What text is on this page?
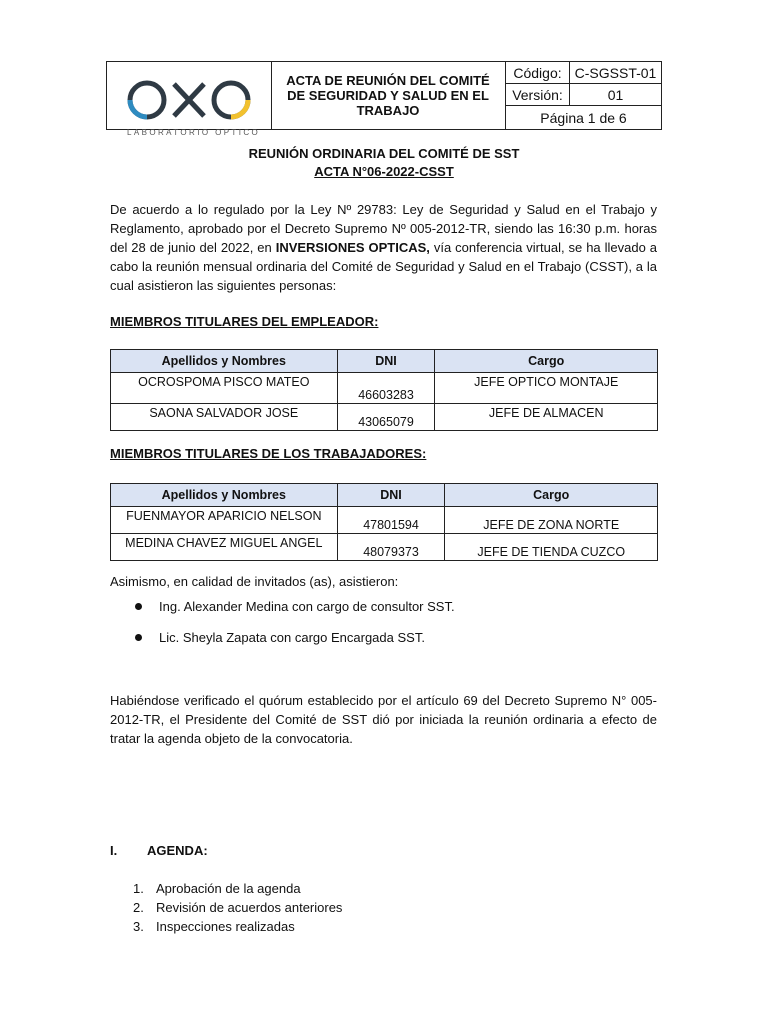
LABORATORIO OPTICO
ACTA DE REUNIÓN DEL COMITÉ DE SEGURIDAD Y SALUD EN EL TRABAJO
Código: C-SGSST-01
Versión:	01
Página 1 de 6
REUNIÓN ORDINARIA DEL COMITÉ DE SST
ACTA N°06-2022-CSST
De acuerdo a lo regulado por la Ley Nº 29783: Ley de Seguridad y Salud en el Trabajo y Reglamento, aprobado por el Decreto Supremo Nº 005-2012-TR, siendo las 16:30 p.m. horas del 28 de junio del 2022, en INVERSIONES OPTICAS, vía conferencia virtual, se ha llevado a cabo la reunión mensual ordinaria del Comité de Seguridad y Salud en el Trabajo (CSST), a la cual asistieron las siguientes personas:
MIEMBROS TITULARES DEL EMPLEADOR:
Apellidos y Nombres	DNI	Cargo
OCROSPOMA PISCO MATEO	46603283	JEFE OPTICO MONTAJE
SAONA SALVADOR JOSE	43065079	JEFE DE ALMACEN
MIEMBROS TITULARES DE LOS TRABAJADORES:
Apellidos y Nombres	DNI	Cargo
FUENMAYOR APARICIO NELSON	47801594	JEFE DE ZONA NORTE
MEDINA CHAVEZ MIGUEL ANGEL	48079373	JEFE DE TIENDA CUZCO
Asimismo, en calidad de invitados (as), asistieron:
Ing. Alexander Medina con cargo de consultor SST.
Lic. Sheyla Zapata con cargo Encargada SST.
Habiéndose verificado el quórum establecido por el artículo 69 del Decreto Supremo N° 005-2012-TR, el Presidente del Comité de SST dió por iniciada la reunión ordinaria a efecto de tratar la agenda objeto de la convocatoria.
I. AGENDA:
1. Aprobación de la agenda
2. Revisión de acuerdos anteriores
3. Inspecciones realizadas
